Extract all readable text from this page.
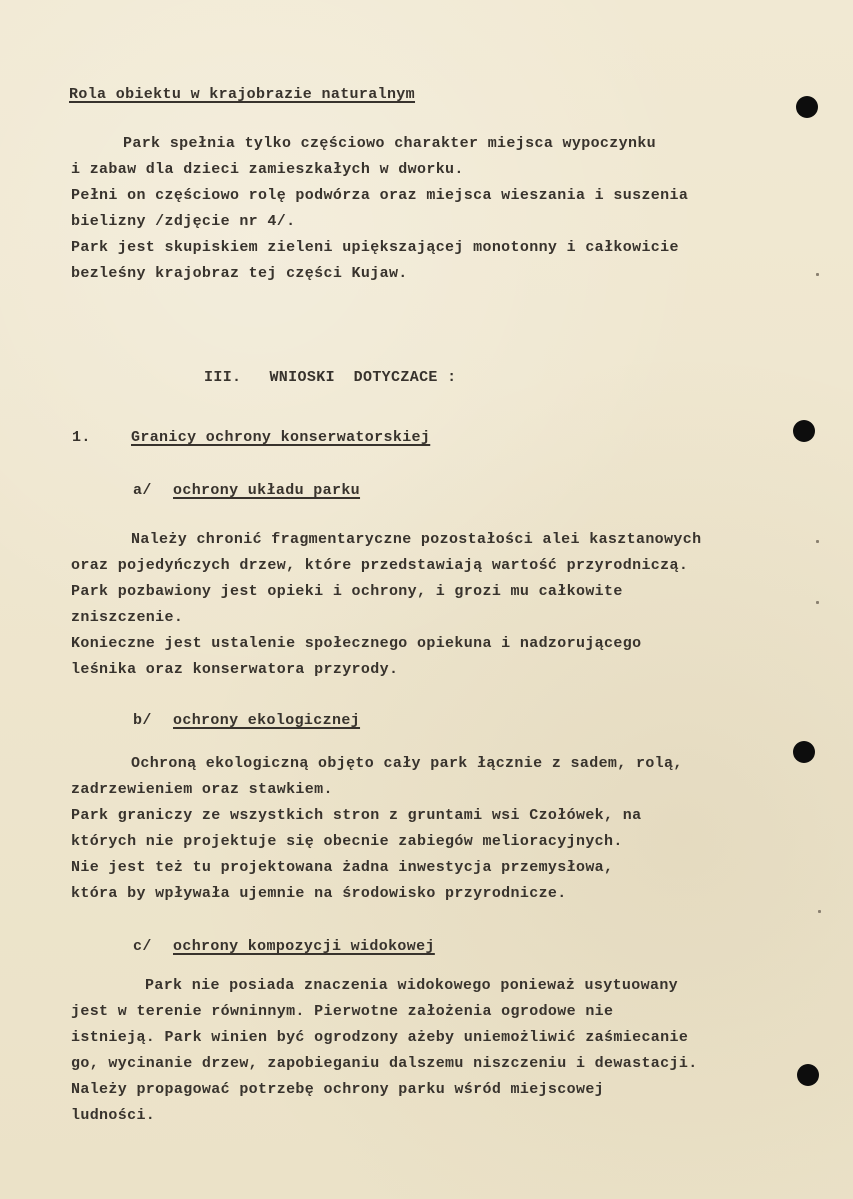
Rola obiektu w krajobrazie naturalnym
Park spełnia tylko częściowo charakter miejsca wypoczynku
i zabaw dla dzieci zamieszkałych w dworku.
Pełni on częściowo rolę podwórza oraz miejsca wieszania i suszenia
bielizny /zdjęcie nr 4/.
Park jest skupiskiem zieleni upiększającej monotonny i całkowicie
bezleśny krajobraz tej części Kujaw.
III.   WNIOSKI  DOTYCZACE :
1.	Granicy ochrony konserwatorskiej
a/ ochrony układu parku
Należy chronić fragmentaryczne pozostałości alei kasztanowych
oraz pojedyńczych drzew, które przedstawiają wartość przyrodniczą.
Park pozbawiony jest opieki i ochrony, i grozi mu całkowite
zniszczenie.
Konieczne jest ustalenie społecznego opiekuna i nadzorującego
leśnika oraz konserwatora przyrody.
b/ ochrony ekologicznej
Ochroną ekologiczną objęto cały park łącznie z sadem, rolą,
zadrzewieniem oraz stawkiem.
Park graniczy ze wszystkich stron z gruntami wsi Czołówek, na
których nie projektuje się obecnie zabiegów melioracyjnych.
Nie jest też tu projektowana żadna inwestycja przemysłowa,
która by wpływała ujemnie na środowisko przyrodnicze.
c/ ochrony kompozycji widokowej
Park nie posiada znaczenia widokowego ponieważ usytuowany
jest w terenie równinnym. Pierwotne założenia ogrodowe nie
istnieją. Park winien być ogrodzony ażeby uniemożliwić zaśmiecanie
go, wycinanie drzew, zapobieganiu dalszemu niszczeniu i dewastacji.
Należy propagować potrzebę ochrony parku wśród miejscowej
ludności.
